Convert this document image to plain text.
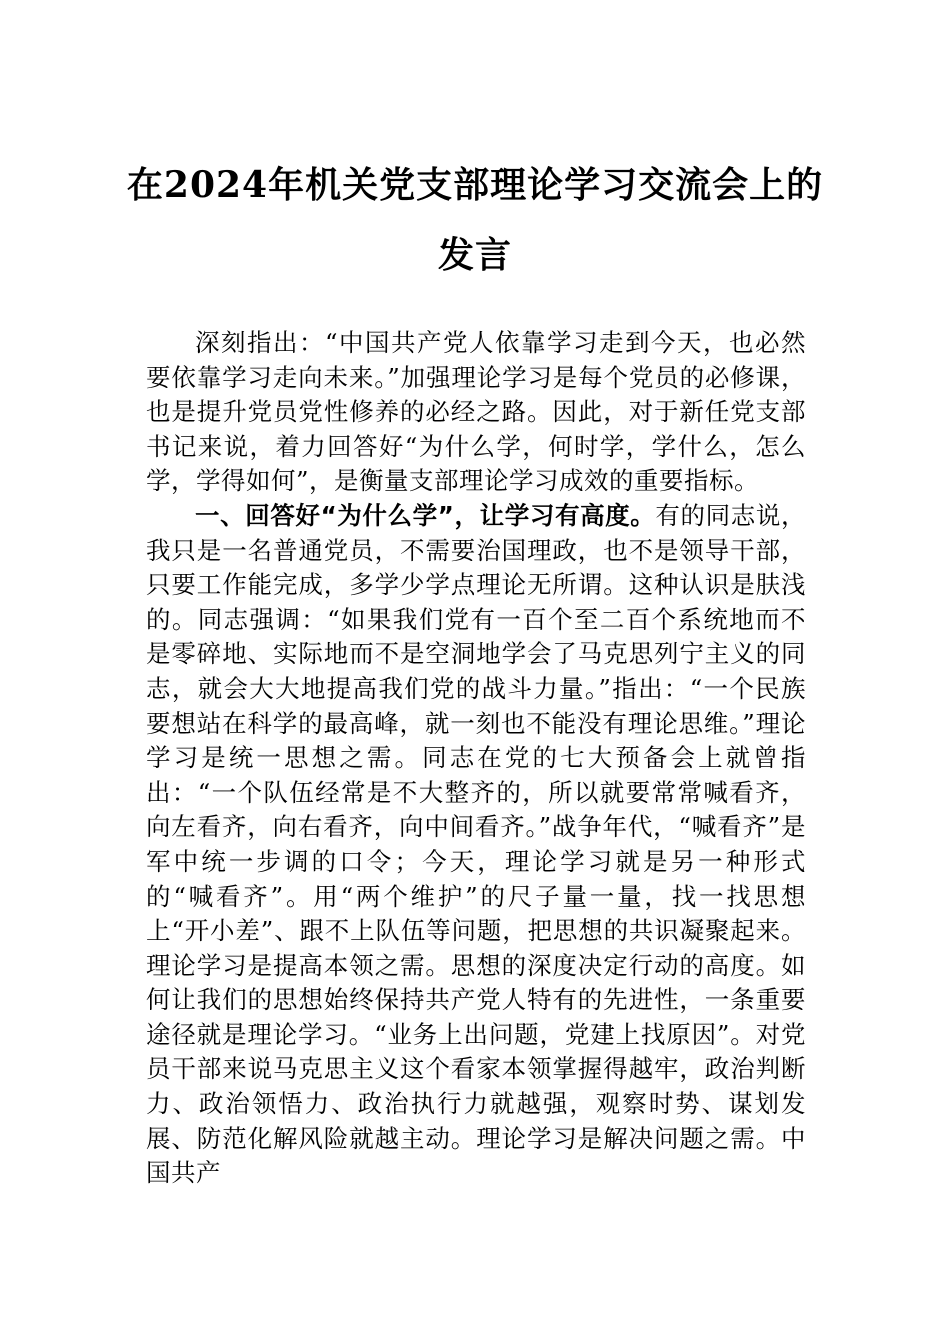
在2024年机关党支部理论学习交流会上的发言

深刻指出：“中国共产党人依靠学习走到今天，也必然要依靠学习走向未来。”加强理论学习是每个党员的必修课，也是提升党员党性修养的必经之路。因此，对于新任党支部书记来说，着力回答好“为什么学，何时学，学什么，怎么学，学得如何”，是衡量支部理论学习成效的重要指标。

一、回答好“为什么学”，让学习有高度。有的同志说，我只是一名普通党员，不需要治国理政，也不是领导干部，只要工作能完成，多学少学点理论无所谓。这种认识是肤浅的。同志强调：“如果我们党有一百个至二百个系统地而不是零碎地、实际地而不是空洞地学会了马克思列宁主义的同志，就会大大地提高我们党的战斗力量。”指出：“一个民族要想站在科学的最高峰，就一刻也不能没有理论思维。”理论学习是统一思想之需。同志在党的七大预备会上就曾指出：“一个队伍经常是不大整齐的，所以就要常常喊看齐，向左看齐，向右看齐，向中间看齐。”战争年代，“喊看齐”是军中统一步调的口令；今天，理论学习就是另一种形式的“喊看齐”。用“两个维护”的尺子量一量，找一找思想上“开小差”、跟不上队伍等问题，把思想的共识凝聚起来。理论学习是提高本领之需。思想的深度决定行动的高度。如何让我们的思想始终保持共产党人特有的先进性，一条重要途径就是理论学习。“业务上出问题，党建上找原因”。对党员干部来说马克思主义这个看家本领掌握得越牢，政治判断力、政治领悟力、政治执行力就越强，观察时势、谋划发展、防范化解风险就越主动。理论学习是解决问题之需。中国共产
